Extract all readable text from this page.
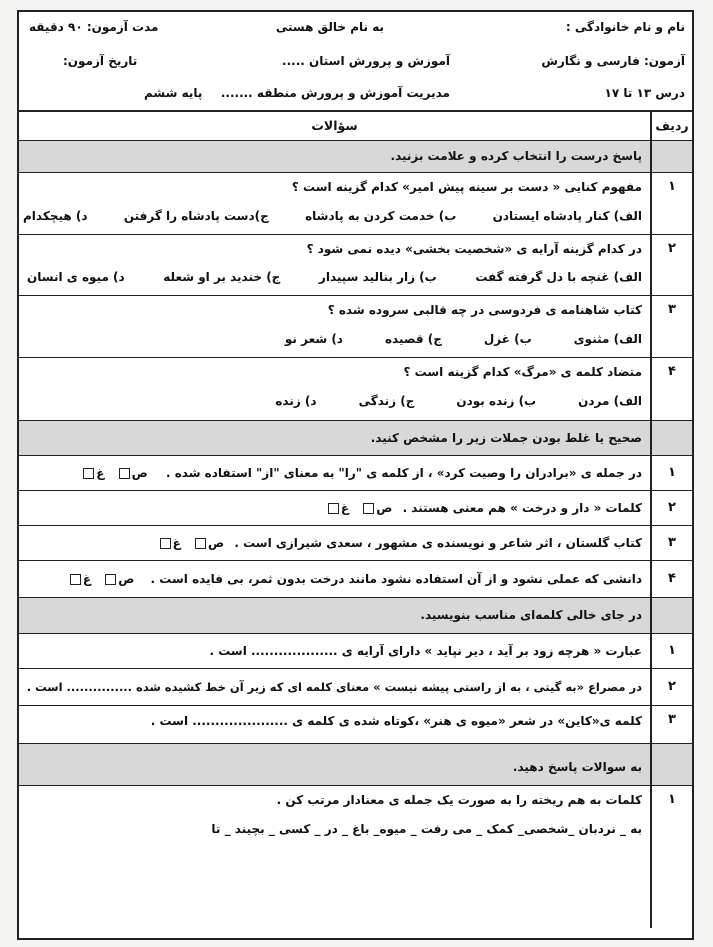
نام و نام خانوادگی :
آزمون: فارسی و نگارش
درس ۱۳ تا ۱۷
به نام خالق هستی
آموزش و پرورش استان .....
مدیریت آموزش و پرورش منطقه .......
مدت آزمون: ۹۰ دقیقه
تاریخ آزمون:
پایه ششم
ردیف	سؤالات
	پاسخ درست را انتخاب کرده و علامت بزنید.
۱	مفهوم کنایی « دست بر سینه پیش امیر» کدام گزینه است ؟
الف) کنار پادشاه ایستادن
ب) خدمت کردن به پادشاه
ج)دست پادشاه را گرفتن
د) هیچکدام

۲	در کدام گزینه آرایه ی «شخصیت بخشی» دیده نمی شود ؟
الف) غنچه با دل گرفته گفت
ب) زار بنالید سپیدار
ج) خندید بر او شعله
د) میوه ی انسان

۳	کتاب شاهنامه ی فردوسی در چه قالبی سروده شده ؟
الف) مثنوی
ب) غزل
ج) قصیده
د) شعر نو

۴	متضاد کلمه ی «مرگ» کدام گزینه است ؟
الف) مردن
ب) زنده بودن
ج) زندگی
د) زنده

	صحیح یا غلط بودن جملات زیر را مشخص کنید.
۱	در جمله ی «برادران را وصیت کرد» ، از کلمه ی "را" به معنای "از" استفاده شده . ص غ
۲	کلمات « دار و درخت » هم معنی هستند . ص غ
۳	کتاب گلستان ، اثر شاعر و نویسنده ی مشهور ، سعدی شیرازی است . ص غ
۴	دانشی که عملی نشود و از آن استفاده نشود مانند درخت بدون ثمر، بی فایده است . ص غ
	در جای خالی کلمه‌ای مناسب بنویسید.
۱	عبارت « هرچه زود بر آید ، دیر نپاید » دارای آرایه ی ................... است .
۲	در مصراع «به گیتی ، به از راستی پیشه نیست » معنای کلمه ای که زیر آن خط کشیده شده ............... است .
۳	کلمه ی«کاین» در شعر «میوه ی هنر» ،کوتاه شده ی کلمه ی ..................... است .
	به سوالات پاسخ دهید.
۱	کلمات به هم ریخته را به صورت یک جمله ی معنادار مرتب کن .
به _ نردبان _شخصی_ کمک _ می رفت _ میوه_ باغ _ در _ کسی _ بچیند _ تا
